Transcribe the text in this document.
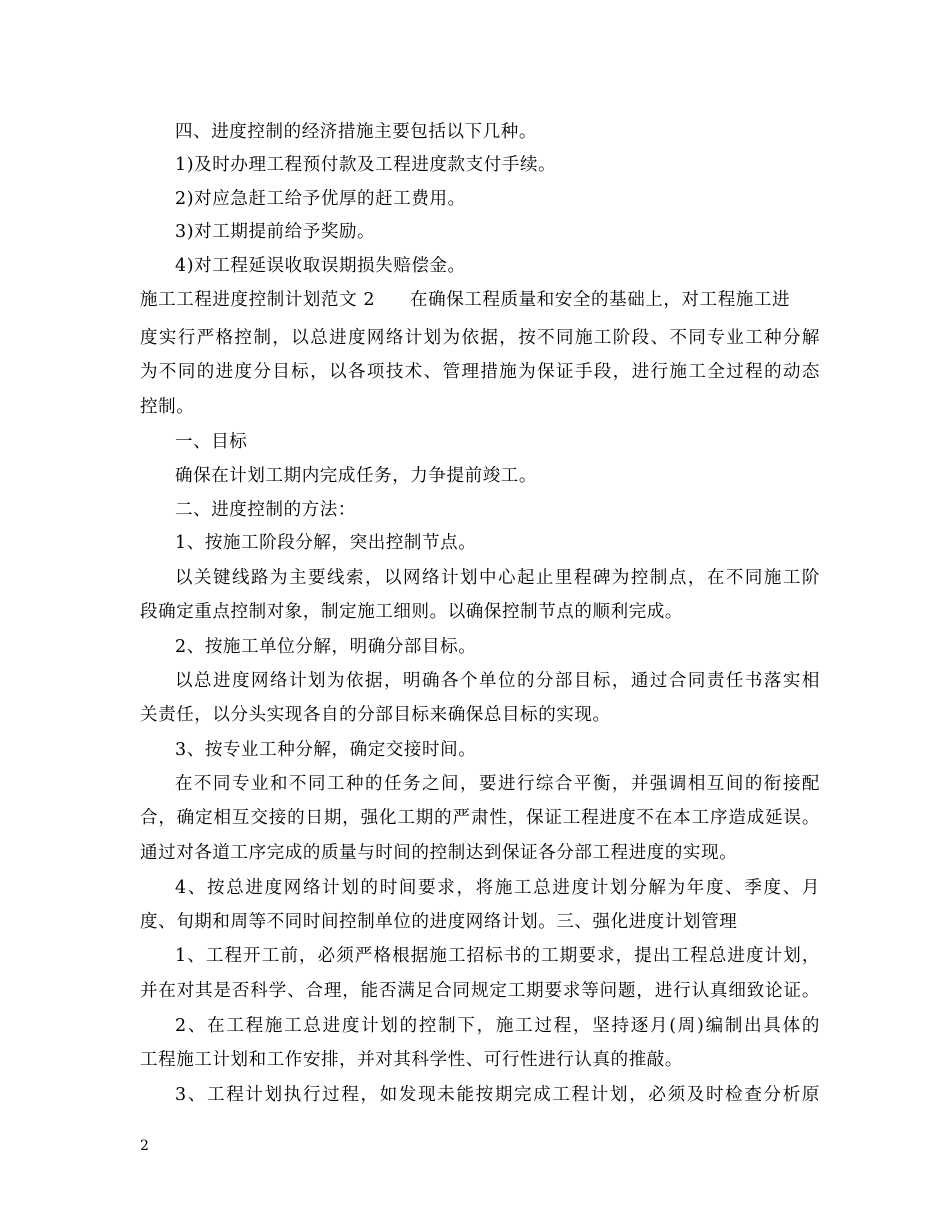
四、进度控制的经济措施主要包括以下几种。
1)及时办理工程预付款及工程进度款支付手续。
2)对应急赶工给予优厚的赶工费用。
3)对工期提前给予奖励。
4)对工程延误收取误期损失赔偿金。
施工工程进度控制计划范文 2 在确保工程质量和安全的基础上，对工程施工进
度实行严格控制，以总进度网络计划为依据，按不同施工阶段、不同专业工种分解
为不同的进度分目标，以各项技术、管理措施为保证手段，进行施工全过程的动态
控制。
一、目标
确保在计划工期内完成任务，力争提前竣工。
二、进度控制的方法：
1、按施工阶段分解，突出控制节点。
以关键线路为主要线索，以网络计划中心起止里程碑为控制点，在不同施工阶
段确定重点控制对象，制定施工细则。以确保控制节点的顺利完成。
2、按施工单位分解，明确分部目标。
以总进度网络计划为依据，明确各个单位的分部目标，通过合同责任书落实相
关责任，以分头实现各自的分部目标来确保总目标的实现。
3、按专业工种分解，确定交接时间。
在不同专业和不同工种的任务之间，要进行综合平衡，并强调相互间的衔接配
合，确定相互交接的日期，强化工期的严肃性，保证工程进度不在本工序造成延误。
通过对各道工序完成的质量与时间的控制达到保证各分部工程进度的实现。
4、按总进度网络计划的时间要求，将施工总进度计划分解为年度、季度、月
度、旬期和周等不同时间控制单位的进度网络计划。三、强化进度计划管理
1、工程开工前，必须严格根据施工招标书的工期要求，提出工程总进度计划，
并在对其是否科学、合理，能否满足合同规定工期要求等问题，进行认真细致论证。
2、在工程施工总进度计划的控制下，施工过程，坚持逐月(周)编制出具体的
工程施工计划和工作安排，并对其科学性、可行性进行认真的推敲。
3、工程计划执行过程，如发现未能按期完成工程计划，必须及时检查分析原
2
